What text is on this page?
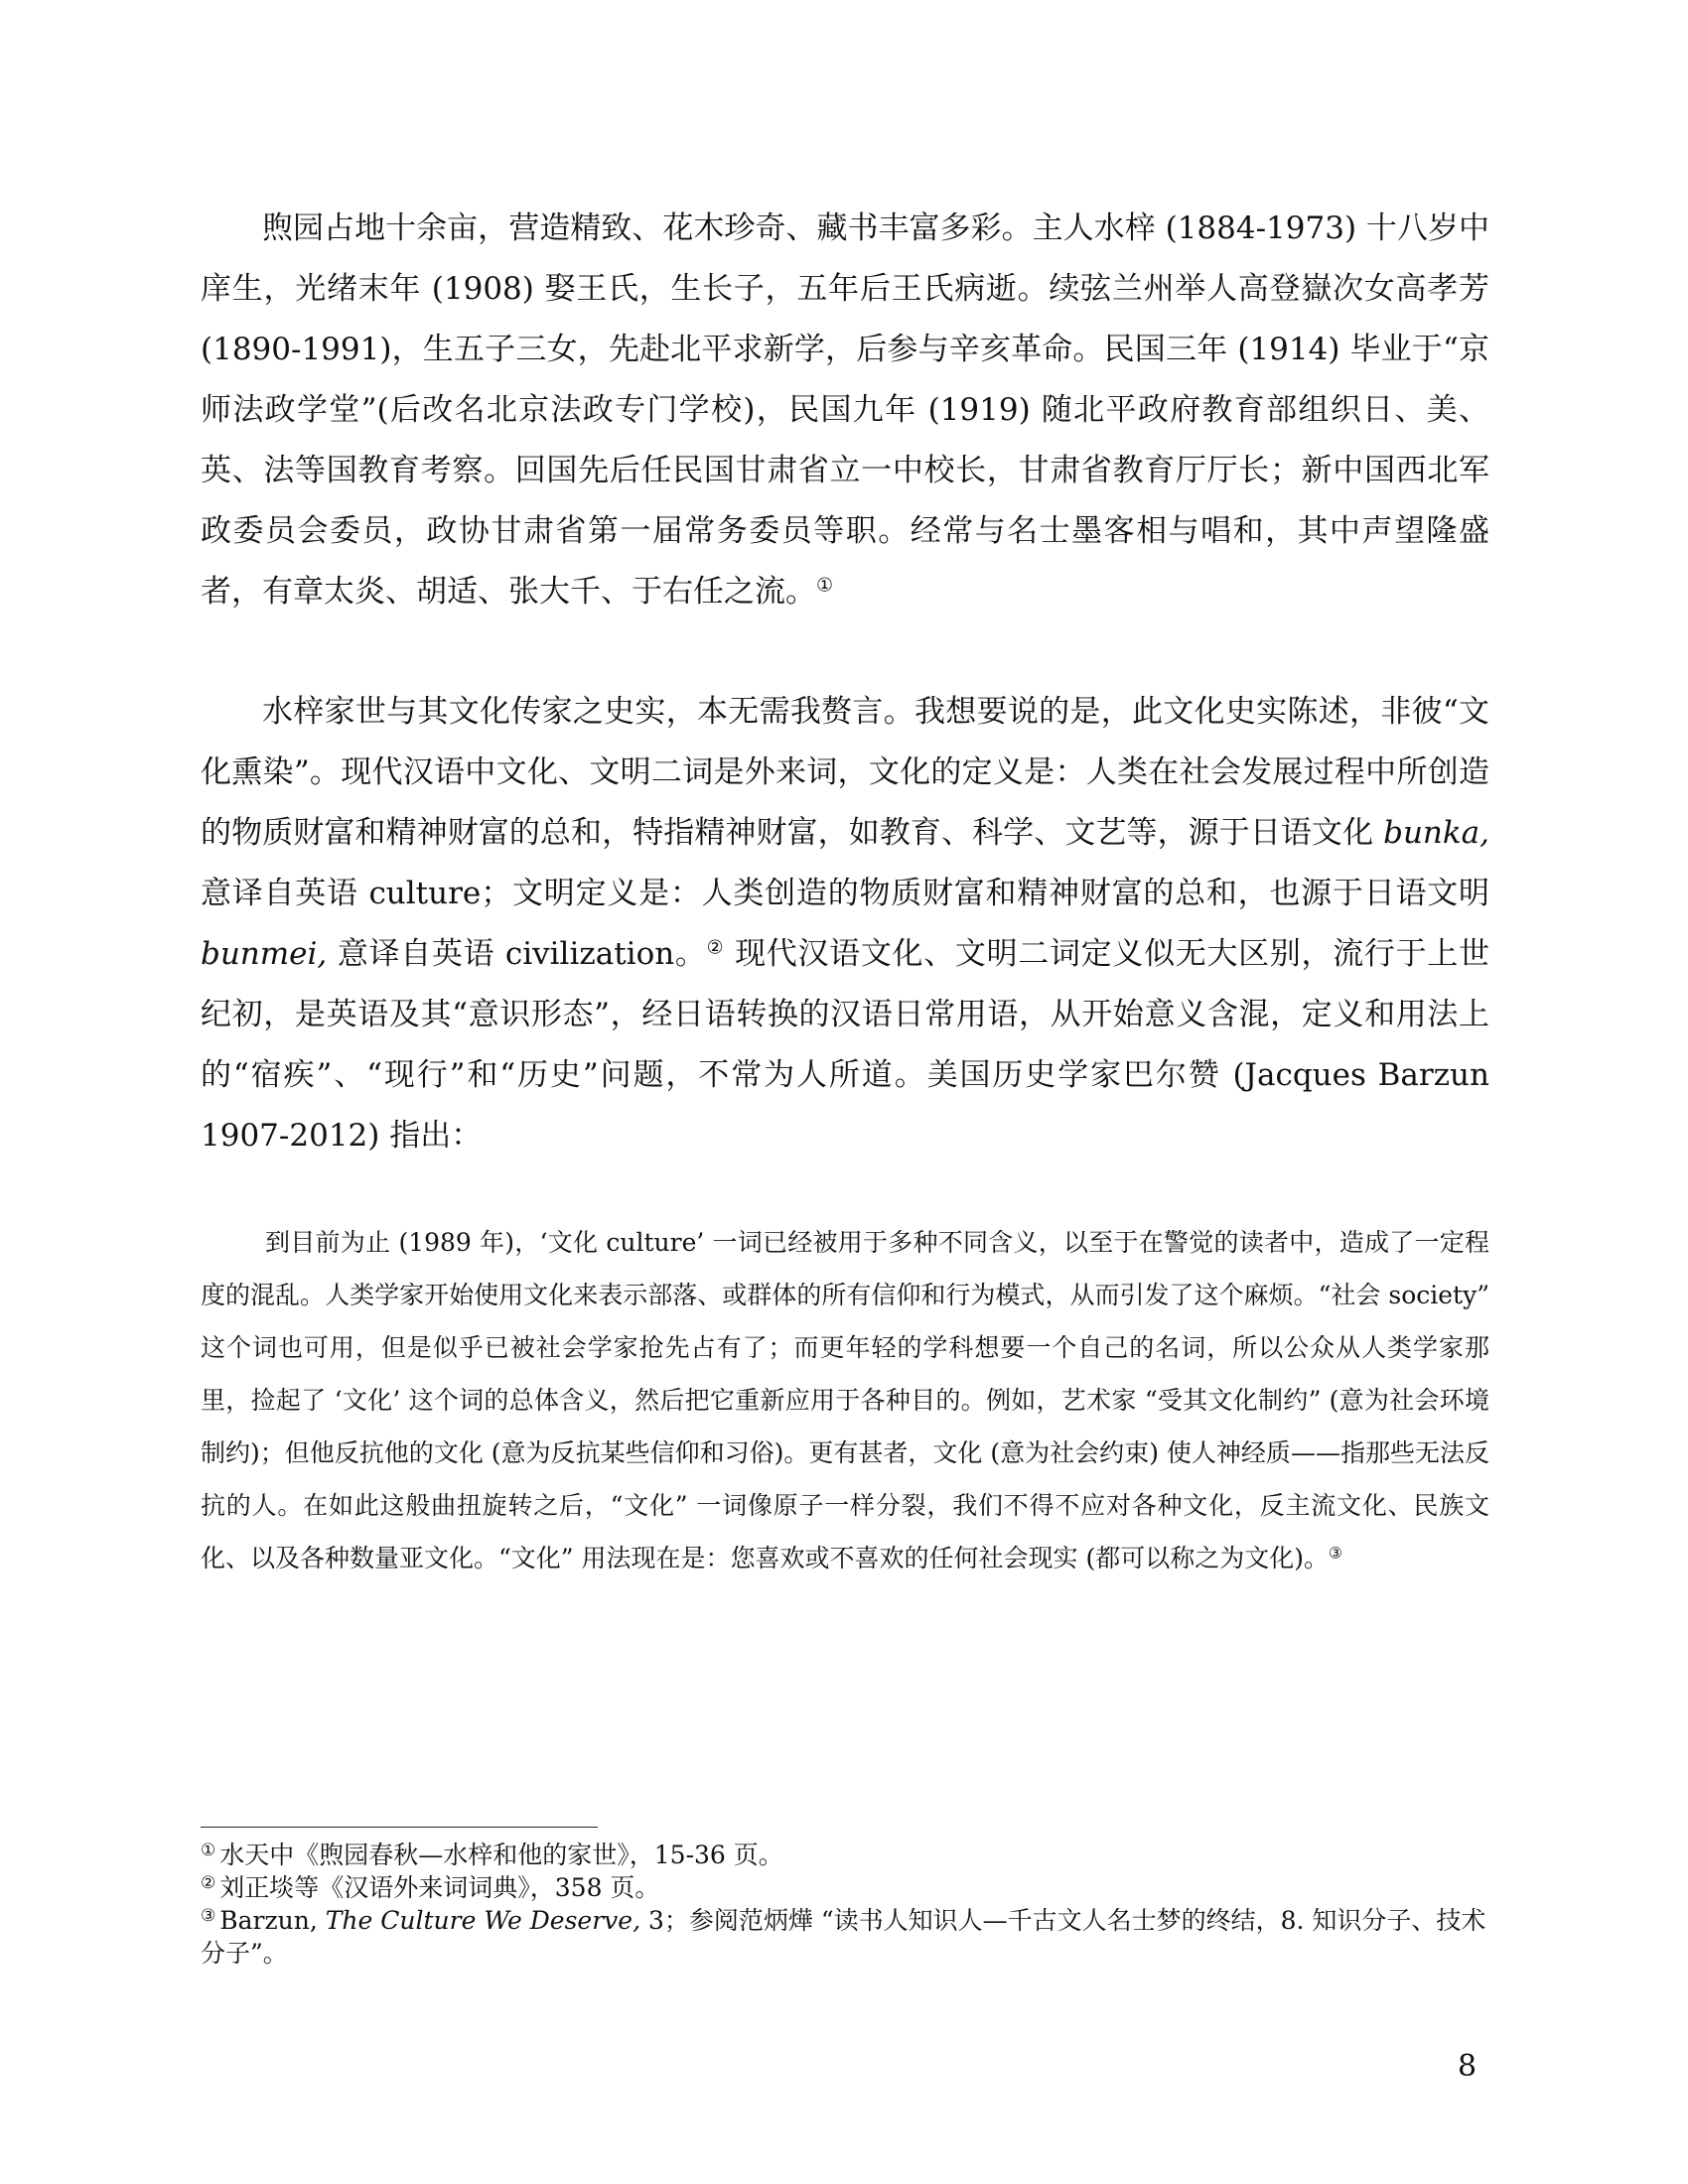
煦园占地十余亩，营造精致、花木珍奇、藏书丰富多彩。主人水梓 (1884-1973) 十八岁中庠生，光绪末年 (1908) 娶王氏，生长子，五年后王氏病逝。续弦兰州举人高登嶽次女高孝芳 (1890-1991)，生五子三女，先赴北平求新学，后参与辛亥革命。民国三年 (1914) 毕业于“京师法政学堂”(后改名北京法政专门学校)，民国九年 (1919) 随北平政府教育部组织日、美、英、法等国教育考察。回国先后任民国甘肃省立一中校长，甘肃省教育厅厅长；新中国西北军政委员会委员，政协甘肃省第一届常务委员等职。经常与名士墨客相与唱和，其中声望隆盛者，有章太炎、胡适、张大千、于右任之流。①

水梓家世与其文化传家之史实，本无需我赘言。我想要说的是，此文化史实陈述，非彼“文化熏染”。现代汉语中文化、文明二词是外来词，文化的定义是：人类在社会发展过程中所创造的物质财富和精神财富的总和，特指精神财富，如教育、科学、文艺等，源于日语文化 bunka, 意译自英语 culture；文明定义是：人类创造的物质财富和精神财富的总和，也源于日语文明 bunmei, 意译自英语 civilization。② 现代汉语文化、文明二词定义似无大区别，流行于上世纪初，是英语及其“意识形态”，经日语转换的汉语日常用语，从开始意义含混，定义和用法上的“宿疾”、“现行”和“历史”问题，不常为人所道。美国历史学家巴尔赞 (Jacques Barzun 1907-2012) 指出：

到目前为止 (1989 年)，‘文化 culture’ 一词已经被用于多种不同含义，以至于在警觉的读者中，造成了一定程度的混乱。人类学家开始使用文化来表示部落、或群体的所有信仰和行为模式，从而引发了这个麻烦。“社会 society” 这个词也可用，但是似乎已被社会学家抢先占有了；而更年轻的学科想要一个自己的名词，所以公众从人类学家那里，捡起了 ‘文化’ 这个词的总体含义，然后把它重新应用于各种目的。例如，艺术家 “受其文化制约” (意为社会环境制约)；但他反抗他的文化 (意为反抗某些信仰和习俗)。更有甚者，文化 (意为社会约束) 使人神经质——指那些无法反抗的人。在如此这般曲扭旋转之后，“文化” 一词像原子一样分裂，我们不得不应对各种文化，反主流文化、民族文化、以及各种数量亚文化。“文化” 用法现在是：您喜欢或不喜欢的任何社会现实 (都可以称之为文化)。③

① 水天中《煦园春秋—水梓和他的家世》，15-36 页。

② 刘正埮等《汉语外来词词典》，358 页。

③ Barzun, The Culture We Deserve, 3；参阅范炳燁 “读书人知识人—千古文人名士梦的终结，8. 知识分子、技术分子”。

8
